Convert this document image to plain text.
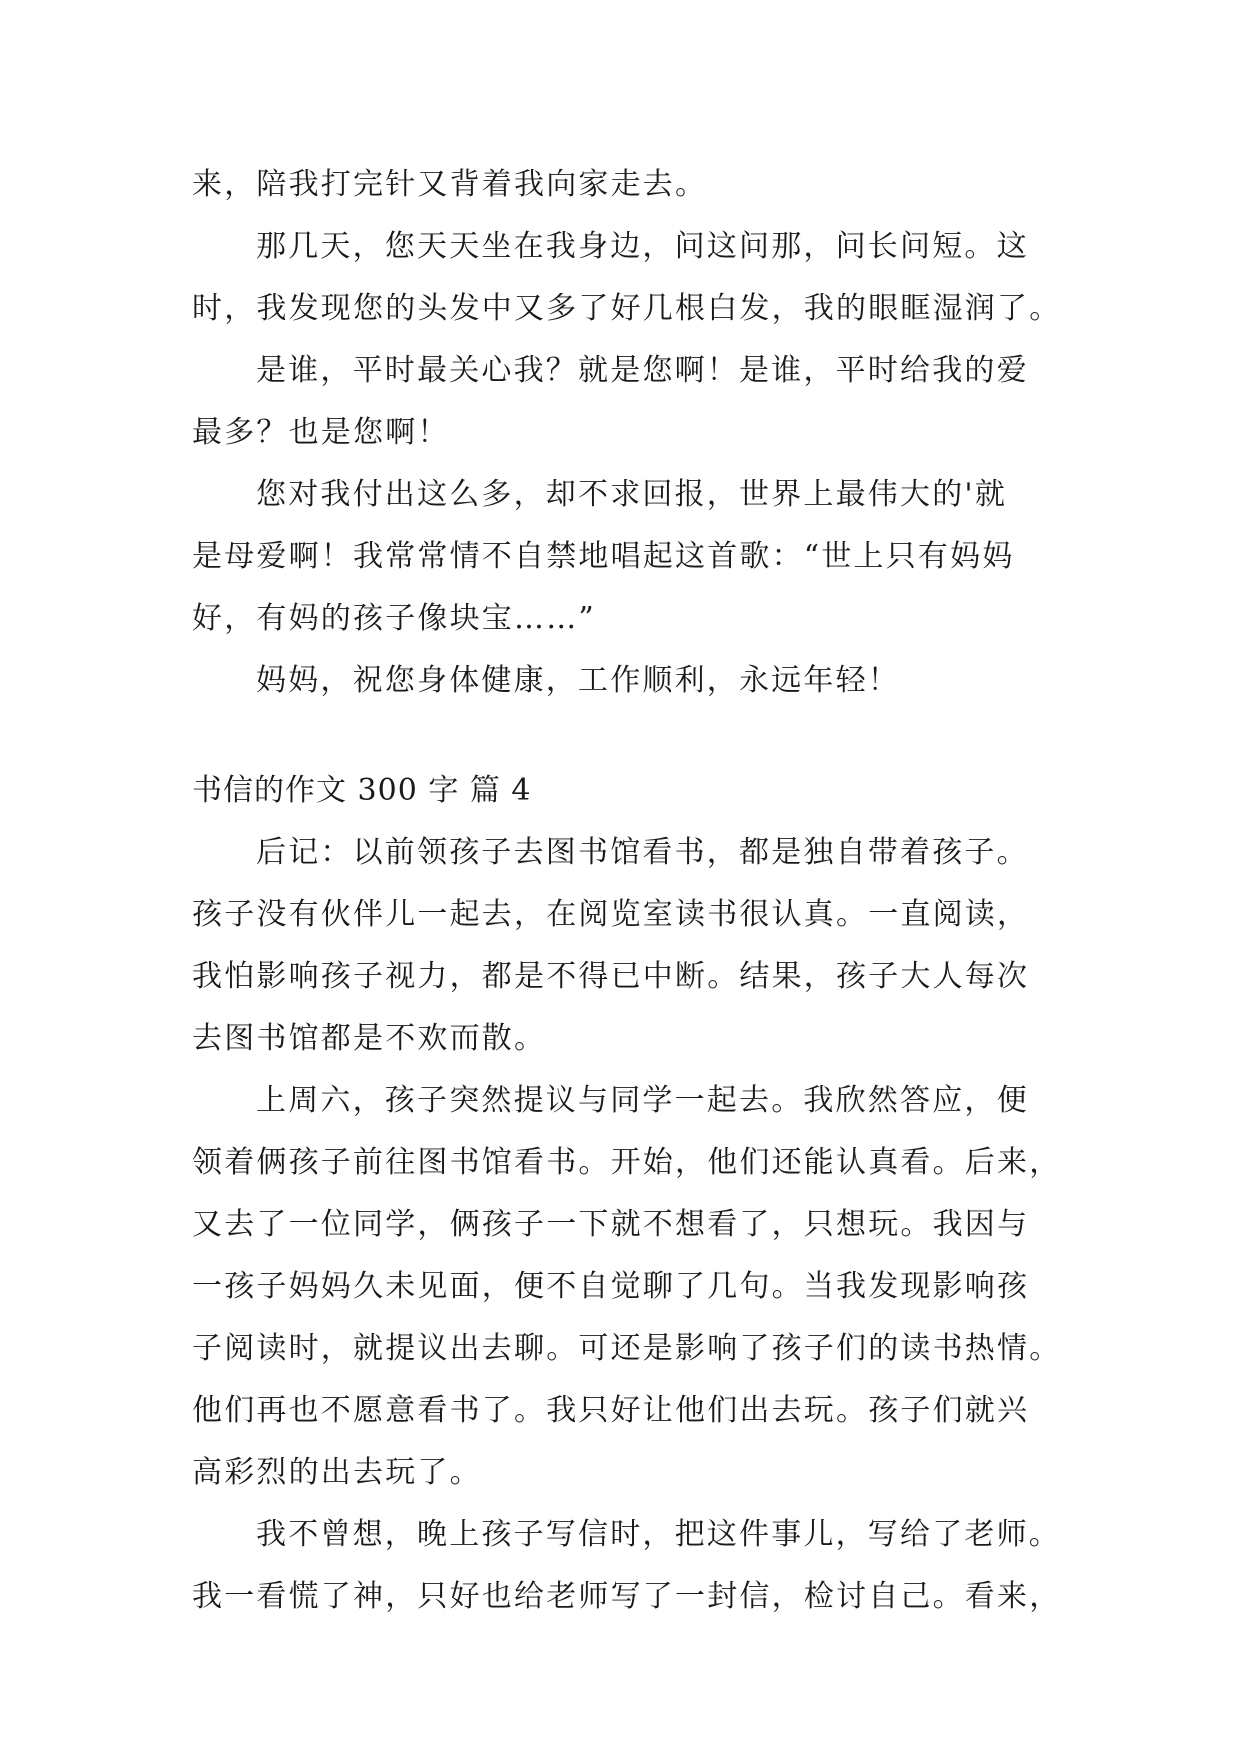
来，陪我打完针又背着我向家走去。
那几天，您天天坐在我身边，问这问那，问长问短。这
时，我发现您的头发中又多了好几根白发，我的眼眶湿润了。
是谁，平时最关心我？就是您啊！是谁，平时给我的爱
最多？也是您啊！
您对我付出这么多，却不求回报，世界上最伟大的'就
是母爱啊！我常常情不自禁地唱起这首歌：“世上只有妈妈
好，有妈的孩子像块宝……”
妈妈，祝您身体健康，工作顺利，永远年轻！
书信的作文 300 字 篇 4
后记：以前领孩子去图书馆看书，都是独自带着孩子。
孩子没有伙伴儿一起去，在阅览室读书很认真。一直阅读，
我怕影响孩子视力，都是不得已中断。结果，孩子大人每次
去图书馆都是不欢而散。
上周六，孩子突然提议与同学一起去。我欣然答应，便
领着俩孩子前往图书馆看书。开始，他们还能认真看。后来，
又去了一位同学，俩孩子一下就不想看了，只想玩。我因与
一孩子妈妈久未见面，便不自觉聊了几句。当我发现影响孩
子阅读时，就提议出去聊。可还是影响了孩子们的读书热情。
他们再也不愿意看书了。我只好让他们出去玩。孩子们就兴
高彩烈的出去玩了。
我不曾想，晚上孩子写信时，把这件事儿，写给了老师。
我一看慌了神，只好也给老师写了一封信，检讨自己。看来，
